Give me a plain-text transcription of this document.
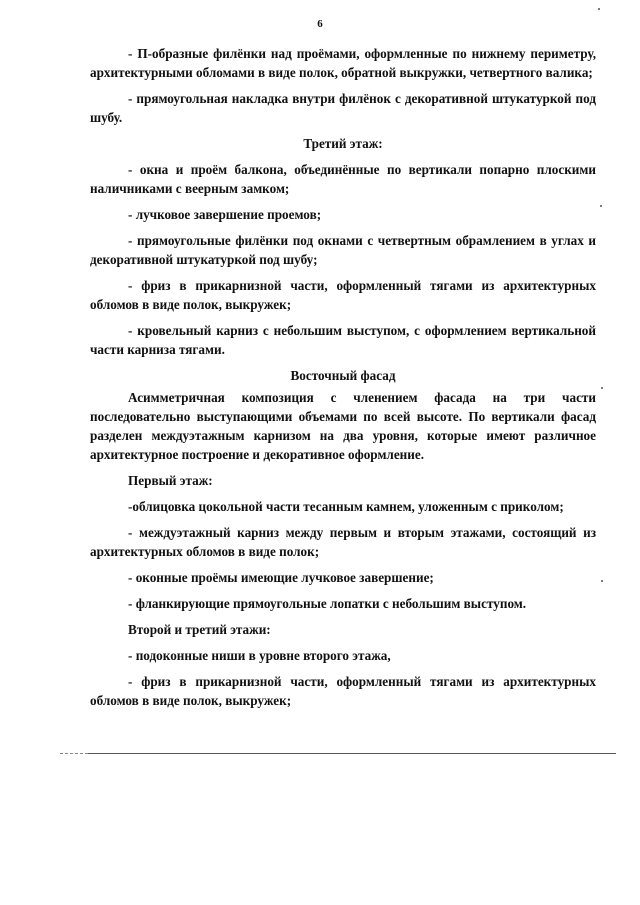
6
- П-образные филёнки над проёмами, оформленные по нижнему периметру, архитектурными обломами в виде полок, обратной выкружки, четвертного валика;
- прямоугольная накладка внутри филёнок с декоративной штукатуркой под шубу.
Третий этаж:
- окна и проём балкона, объединённые по вертикали попарно плоскими наличниками с веерным замком;
- лучковое завершение проемов;
- прямоугольные филёнки под окнами с четвертным обрамлением в углах и декоративной штукатуркой под шубу;
- фриз в прикарнизной части, оформленный тягами из архитектурных обломов в виде полок, выкружек;
- кровельный карниз с небольшим выступом, с оформлением вертикальной части карниза тягами.
Восточный фасад
Асимметричная композиция с членением фасада на три части последовательно выступающими объемами по всей высоте. По вертикали фасад разделен междуэтажным карнизом на два уровня, которые имеют различное архитектурное построение и декоративное оформление.
Первый этаж:
-облицовка цокольной части тесанным камнем, уложенным с приколом;
- междуэтажный карниз между первым и вторым этажами, состоящий из архитектурных обломов в виде полок;
- оконные проёмы имеющие лучковое завершение;
- фланкирующие прямоугольные лопатки с небольшим выступом.
Второй и третий этажи:
- подоконные ниши в уровне второго этажа,
- фриз в прикарнизной части, оформленный тягами из архитектурных обломов в виде полок, выкружек;
